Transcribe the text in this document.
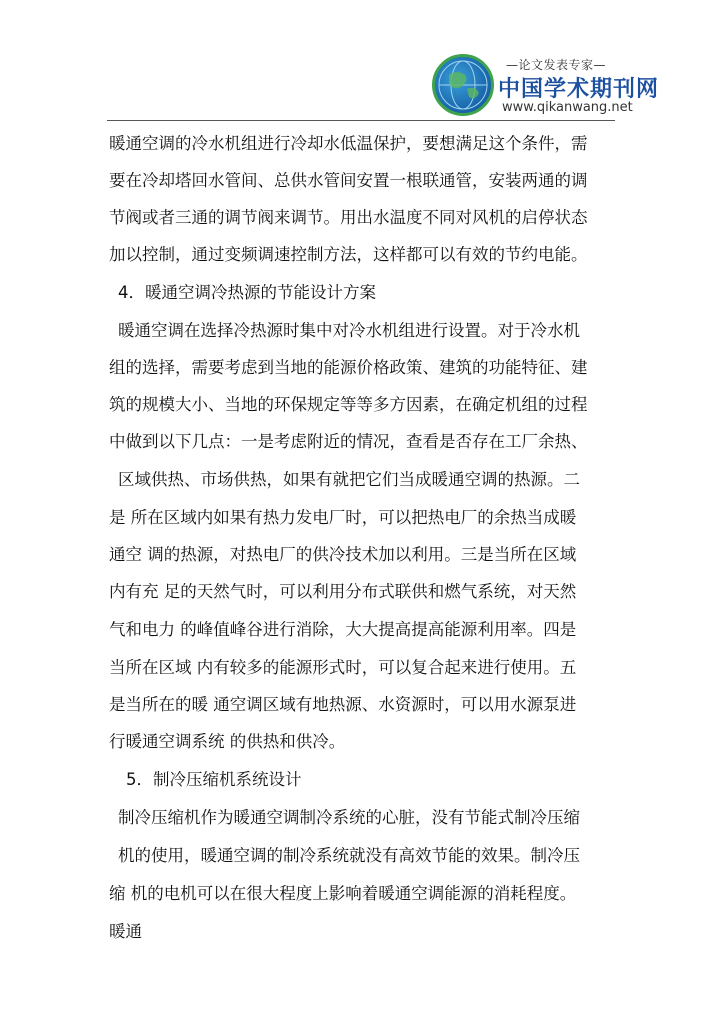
—论文发表专家—
中国学术期刊网
www.qikanwang.net
暖通空调的冷水机组进行冷却水低温保护，要想满足这个条件，需
要在冷却塔回水管间、总供水管间安置一根联通管，安装两通的调
节阀或者三通的调节阀来调节。用出水温度不同对风机的启停状态
加以控制，通过变频调速控制方法，这样都可以有效的节约电能。
4．暖通空调冷热源的节能设计方案
暖通空调在选择冷热源时集中对冷水机组进行设置。对于冷水机
组的选择，需要考虑到当地的能源价格政策、建筑的功能特征、建
筑的规模大小、当地的环保规定等等多方因素，在确定机组的过程
中做到以下几点：一是考虑附近的情况，查看是否存在工厂余热、
区域供热、市场供热，如果有就把它们当成暖通空调的热源。二
是 所在区域内如果有热力发电厂时，可以把热电厂的余热当成暖
通空 调的热源，对热电厂的供冷技术加以利用。三是当所在区域
内有充 足的天然气时，可以利用分布式联供和燃气系统，对天然
气和电力 的峰值峰谷进行消除，大大提高提高能源利用率。四是
当所在区域 内有较多的能源形式时，可以复合起来进行使用。五
是当所在的暖 通空调区域有地热源、水资源时，可以用水源泵进
行暖通空调系统 的供热和供冷。
5．制冷压缩机系统设计
制冷压缩机作为暖通空调制冷系统的心脏，没有节能式制冷压缩
机的使用，暖通空调的制冷系统就没有高效节能的效果。制冷压
缩 机的电机可以在很大程度上影响着暖通空调能源的消耗程度。
暖通
